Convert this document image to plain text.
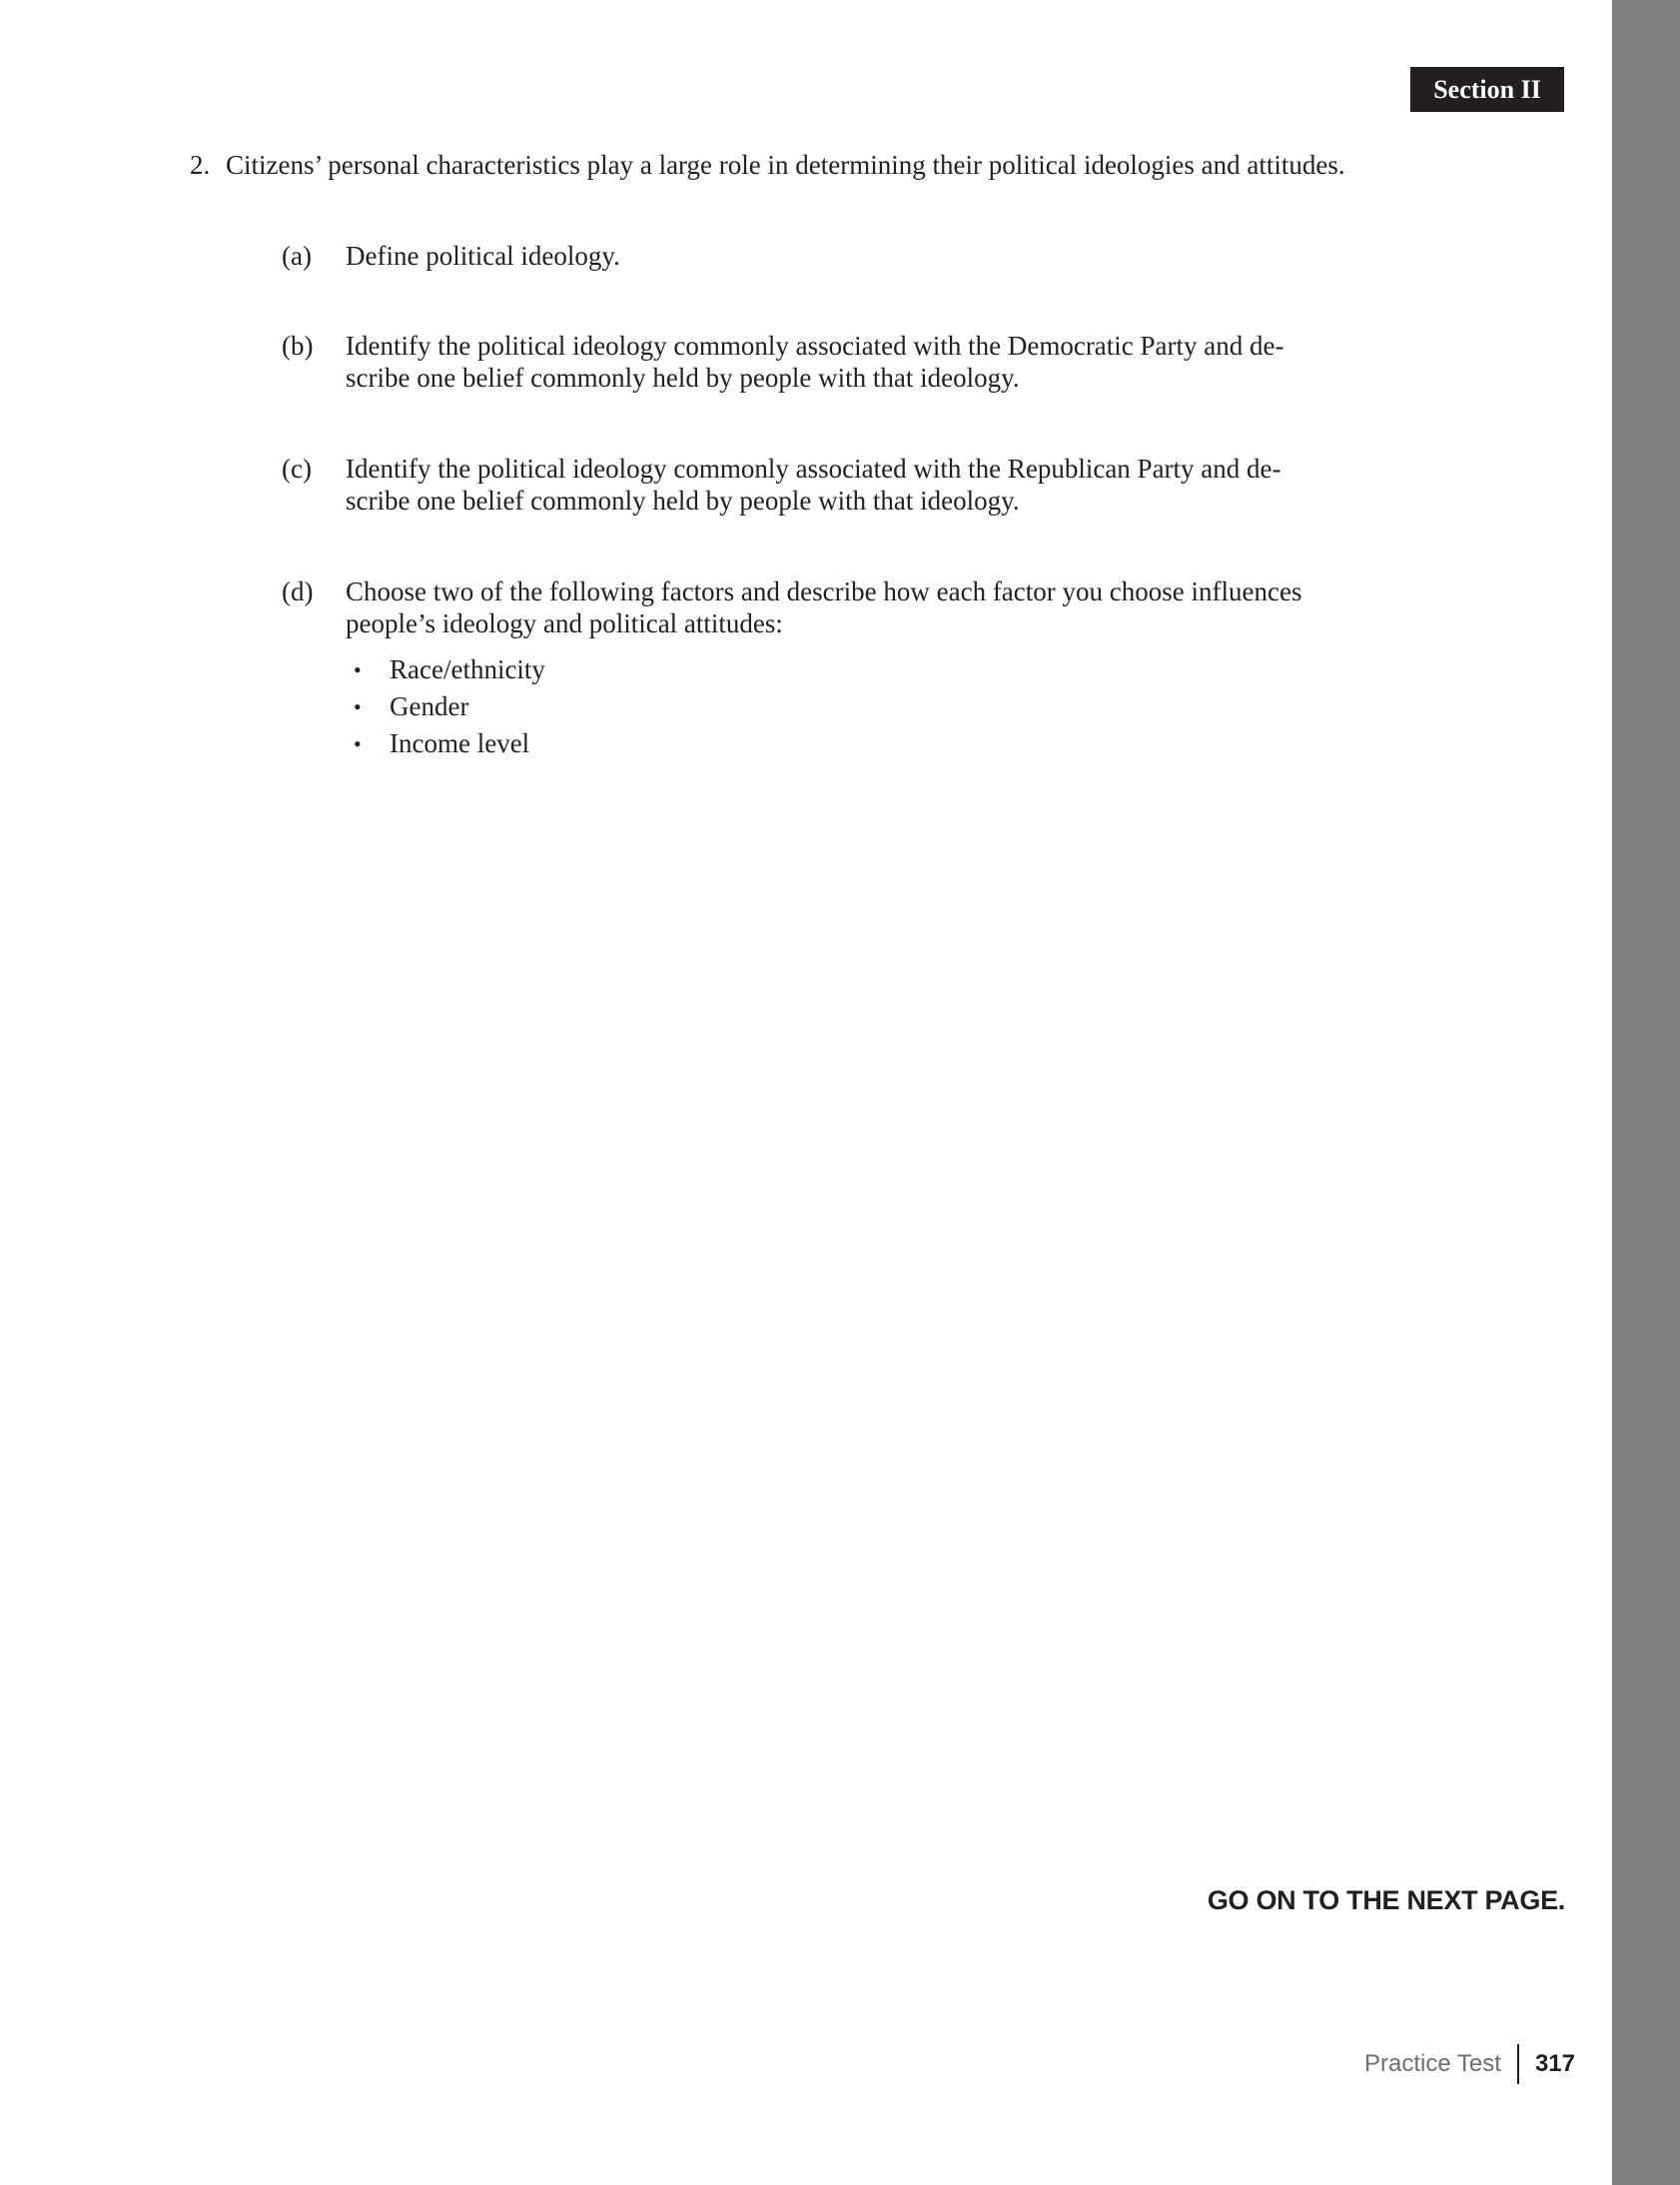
Section II
2. Citizens’ personal characteristics play a large role in determining their political ideologies and attitudes.
(a)	Define political ideology.
(b)	Identify the political ideology commonly associated with the Democratic Party and de-
scribe one belief commonly held by people with that ideology.
(c)	Identify the political ideology commonly associated with the Republican Party and de-
scribe one belief commonly held by people with that ideology.
(d)	Choose two of the following factors and describe how each factor you choose influences
people’s ideology and political attitudes:
• Race/ethnicity
• Gender
• Income level
GO ON TO THE NEXT PAGE.
Practice Test 317
